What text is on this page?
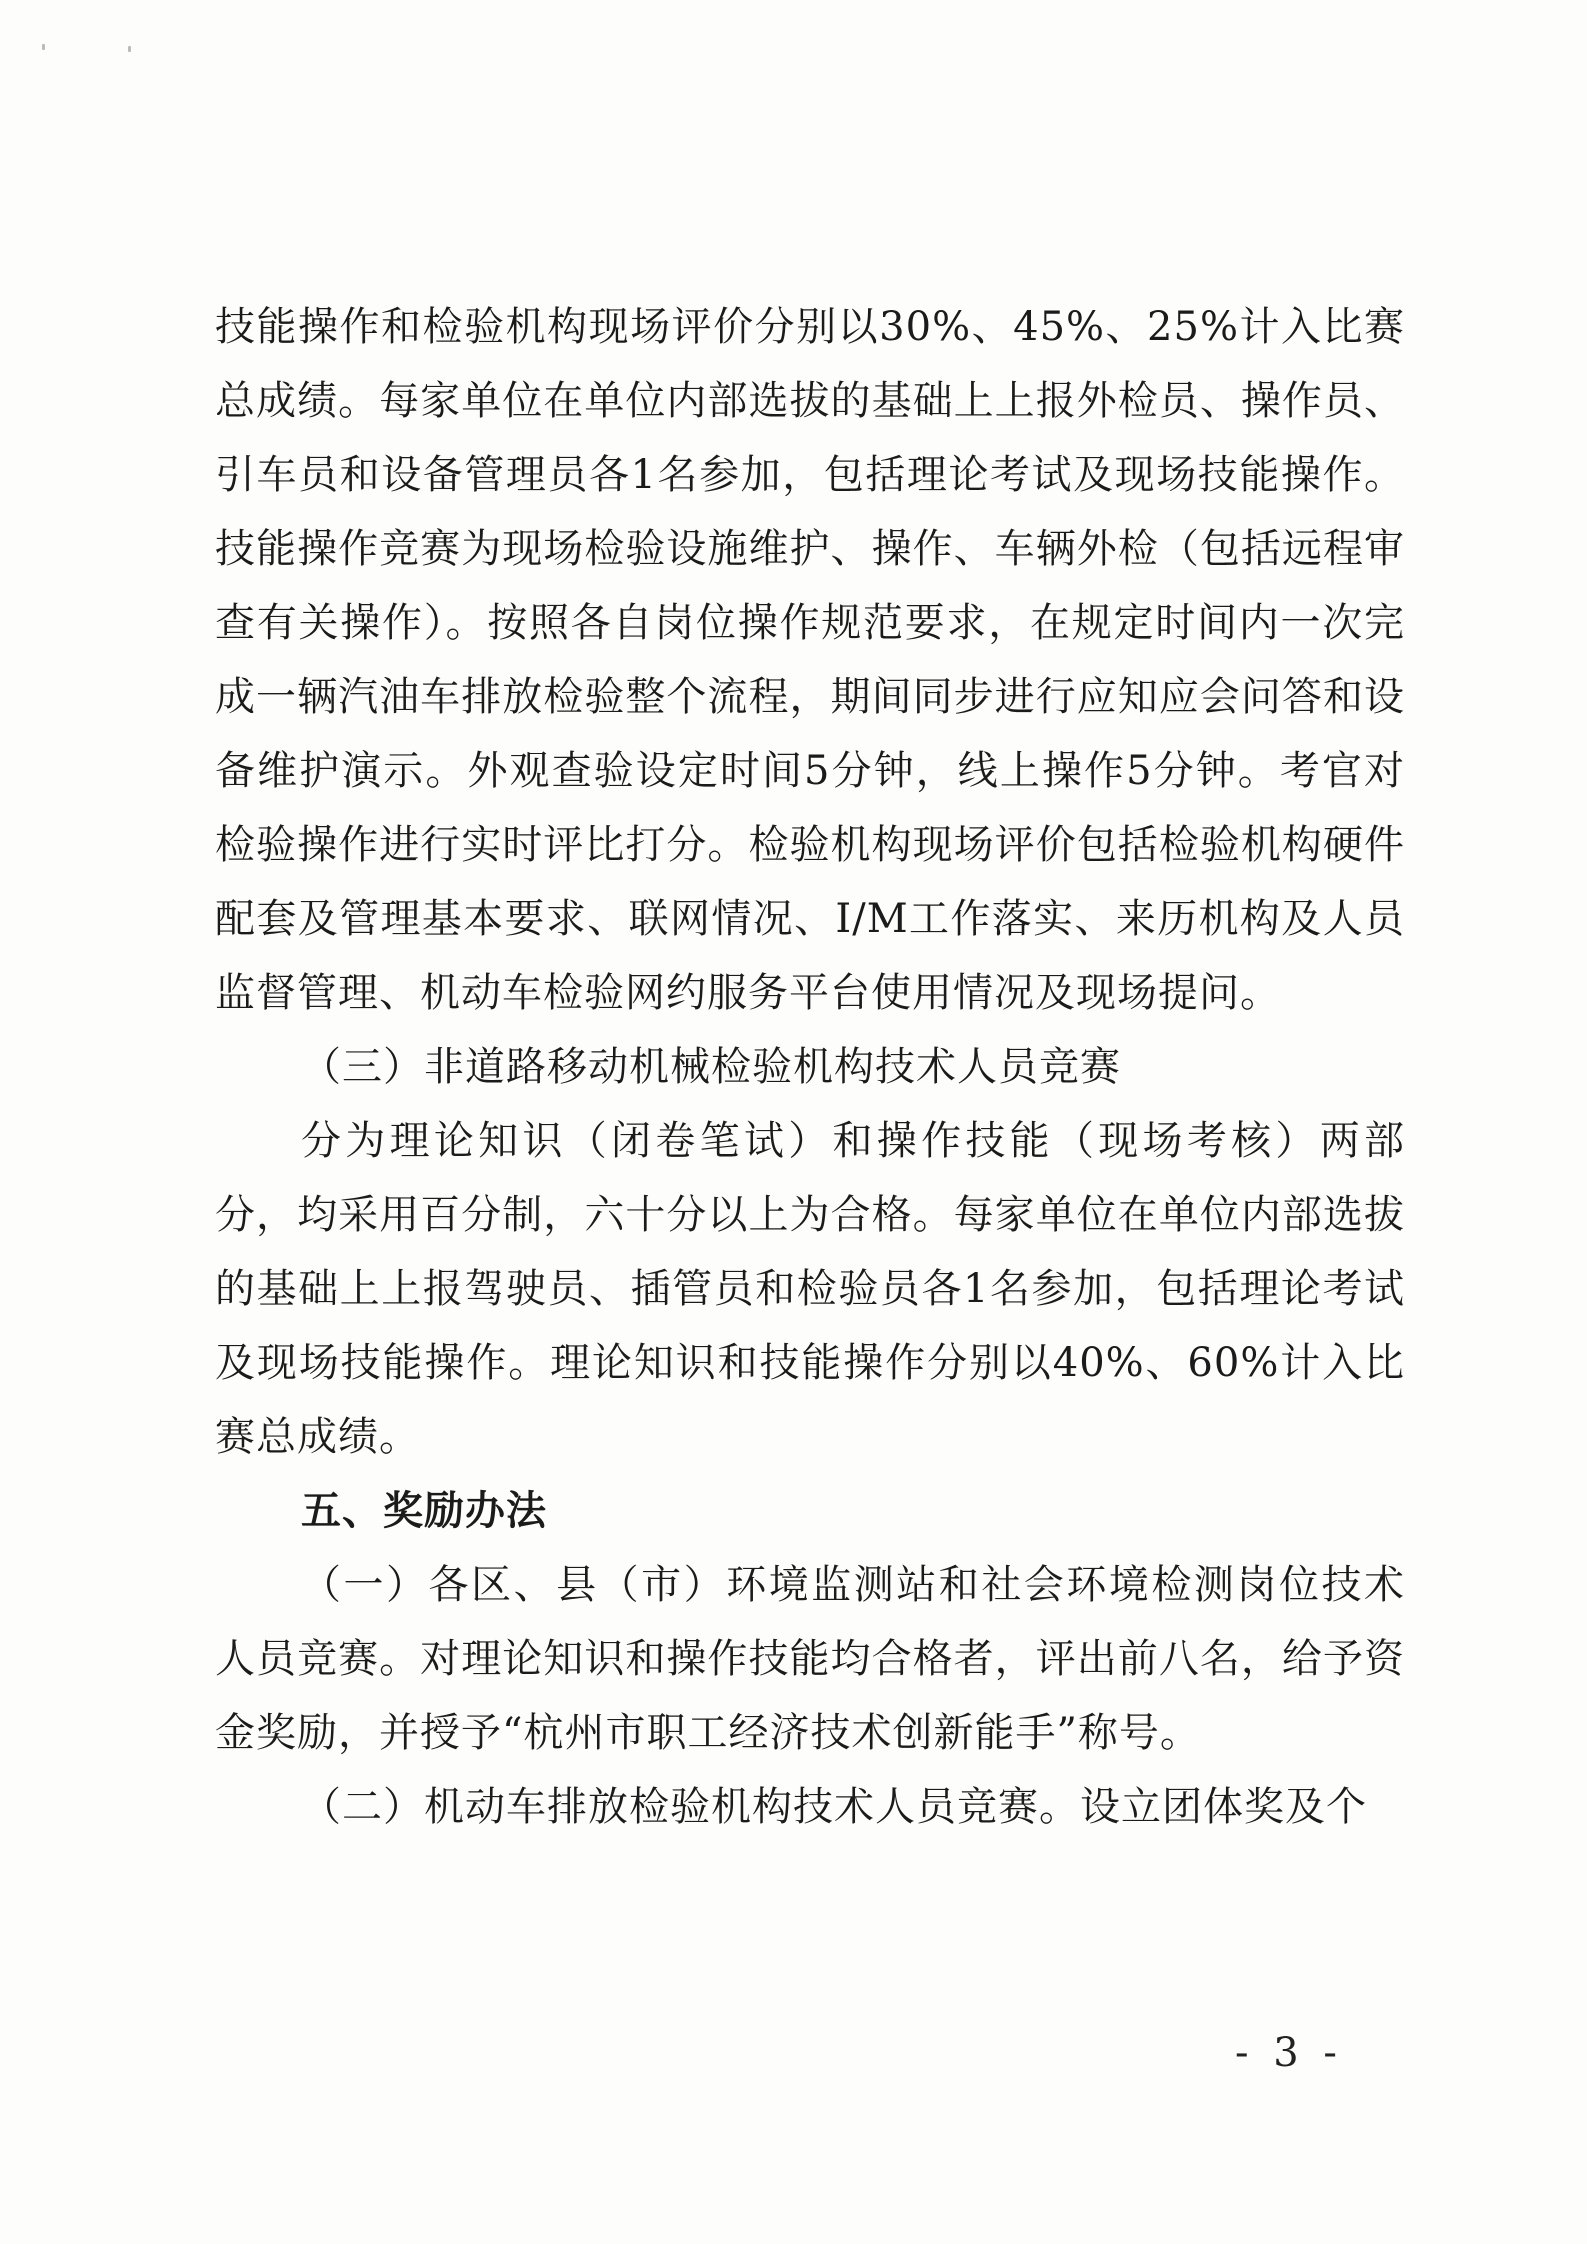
技能操作和检验机构现场评价分别以30%、45%、25%计入比赛总成绩。每家单位在单位内部选拔的基础上上报外检员、操作员、引车员和设备管理员各1名参加，包括理论考试及现场技能操作。技能操作竞赛为现场检验设施维护、操作、车辆外检（包括远程审查有关操作）。按照各自岗位操作规范要求，在规定时间内一次完成一辆汽油车排放检验整个流程，期间同步进行应知应会问答和设备维护演示。外观查验设定时间5分钟，线上操作5分钟。考官对检验操作进行实时评比打分。检验机构现场评价包括检验机构硬件配套及管理基本要求、联网情况、I/M工作落实、来历机构及人员监督管理、机动车检验网约服务平台使用情况及现场提问。

（三）非道路移动机械检验机构技术人员竞赛

分为理论知识（闭卷笔试）和操作技能（现场考核）两部分，均采用百分制，六十分以上为合格。每家单位在单位内部选拔的基础上上报驾驶员、插管员和检验员各1名参加，包括理论考试及现场技能操作。理论知识和技能操作分别以40%、60%计入比赛总成绩。

五、奖励办法

（一）各区、县（市）环境监测站和社会环境检测岗位技术人员竞赛。对理论知识和操作技能均合格者，评出前八名，给予资金奖励，并授予“杭州市职工经济技术创新能手”称号。

（二）机动车排放检验机构技术人员竞赛。设立团体奖及个

- 3 -
